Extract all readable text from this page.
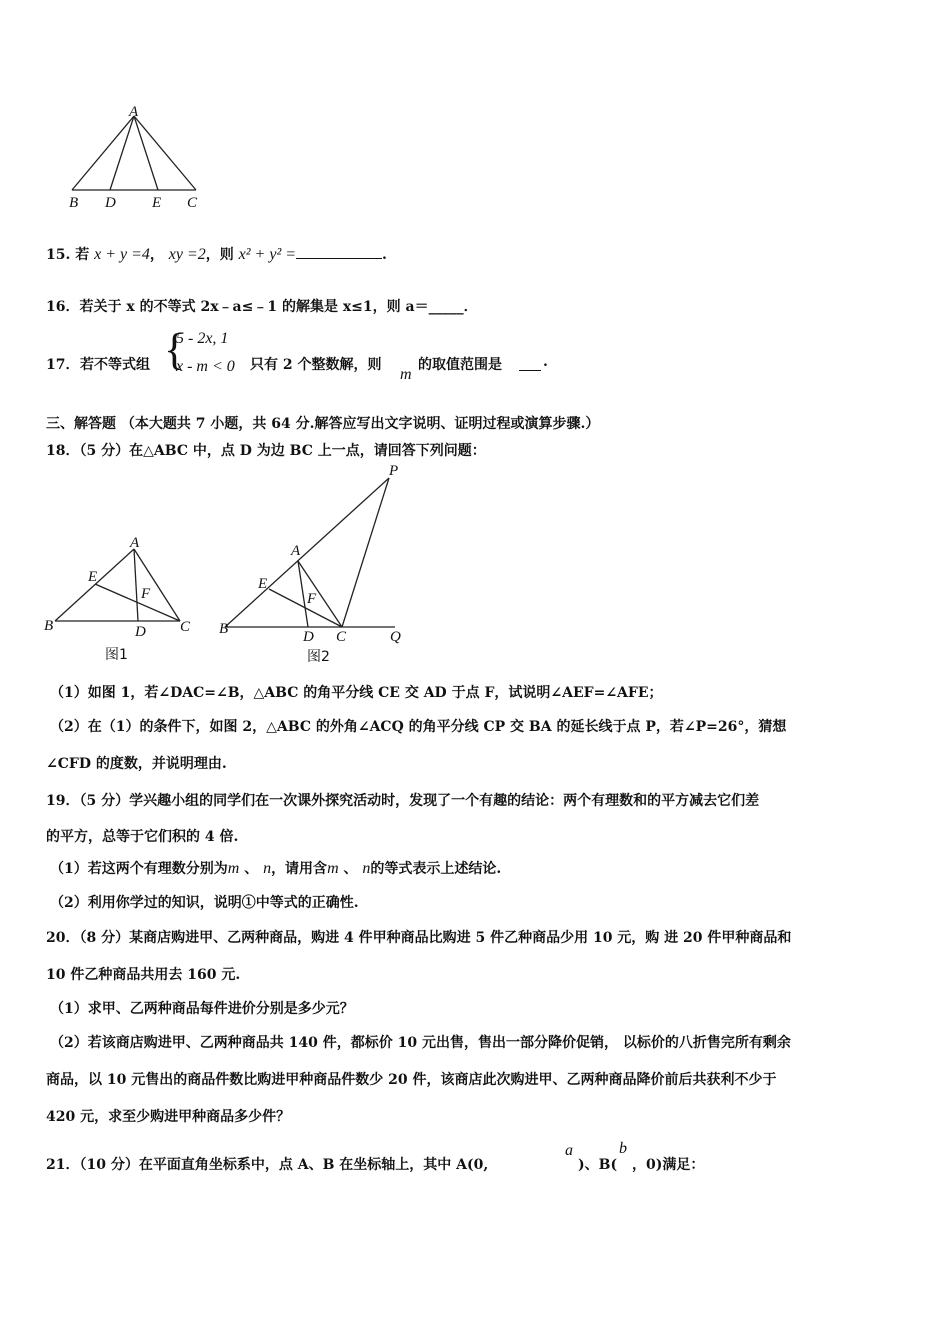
A
B D E C
15. 若 x + y =4， xy =2，则 x² + y² =	.
16．若关于 x 的不等式 2x﹣a≤﹣1 的解集是 x≤1，则 a＝_____．
17． 若不等式组 {
5 - 2x, 1
x - m < 0 只有 2 个整数解，则
m
的取值范围是	.
三、解答题 （本大题共 7 小题，共 64 分.解答应写出文字说明、证明过程或演算步骤.）
18．（5 分）在△ABC 中，点 D 为边 BC 上一点，请回答下列问题：
A
E
F
B	D C
图1
P
A
E
F
B	D C	Q
图2
（1）如图 1，若∠DAC=∠B，△ABC 的角平分线 CE 交 AD 于点 F，试说明∠AEF=∠AFE；
（2）在（1）的条件下，如图 2，△ABC 的外角∠ACQ 的角平分线 CP 交 BA 的延长线于点 P，若∠P=26°，猜想
∠CFD 的度数，并说明理由.
19．（5 分）学兴趣小组的同学们在一次课外探究活动时，发现了一个有趣的结论：两个有理数和的平方减去它们差
的平方，总等于它们积的 4 倍.
（1）若这两个有理数分别为m 、 n，请用含m 、 n的等式表示上述结论.
（2）利用你学过的知识，说明①中等式的正确性.
20．（8 分）某商店购进甲、乙两种商品，购进 4 件甲种商品比购进 5 件乙种商品少用 10 元，购 进 20 件甲种商品和
10 件乙种商品共用去 160 元.
（1）求甲、乙两种商品每件进价分别是多少元？
（2）若该商店购进甲、乙两种商品共 140 件，都标价 10 元出售，售出一部分降价促销， 以标价的八折售完所有剩余
商品，以 10 元售出的商品件数比购进甲种商品件数少 20 件，该商店此次购进甲、乙两种商品降价前后共获利不少于
420 元，求至少购进甲种商品多少件？
21．（10 分）在平面直角坐标系中，点 A、B 在坐标轴上，其中 A(0,
a
)、B(
b
，0)满足：
